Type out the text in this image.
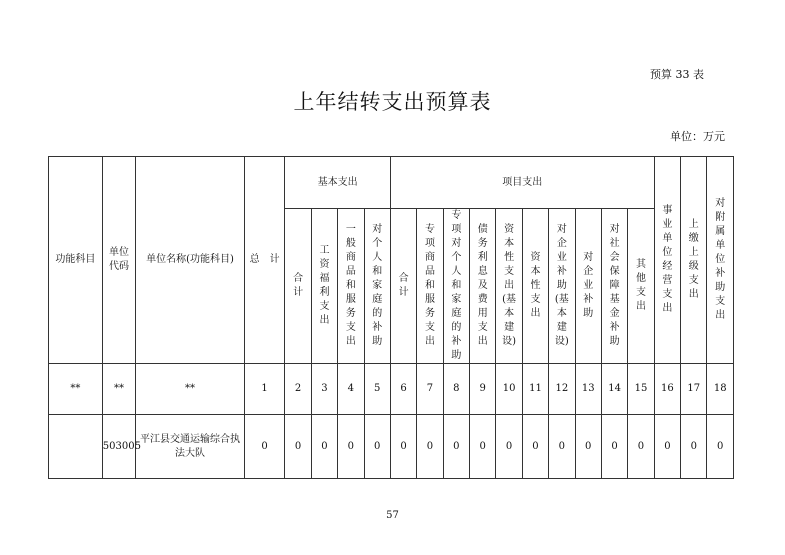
预算 33 表
上年结转支出预算表
单位：万元
功能科目	单位代码	单位名称(功能科目)	总　计	基本支出				项目支出										事业单位经营支出	上缴上级支出	对附属单位补助支出
				合计	工资福利支出	一般商品和服务支出	对个人和家庭的补助	合计	专项商品和服务支出	专项对个人和家庭的补助	债务利息及费用支出	资本性支出(基本建设)	资本性支出	对企业补助(基本建设)	对企业补助	对社会保障基金补助	其他支出			
**	**	**	1	2	3	4	5	6	7	8	9	10	11	12	13	14	15	16	17	18
	503005	平江县交通运输综合执法大队	0	0	0	0	0	0	0	0	0	0	0	0	0	0	0	0	0	0
57
